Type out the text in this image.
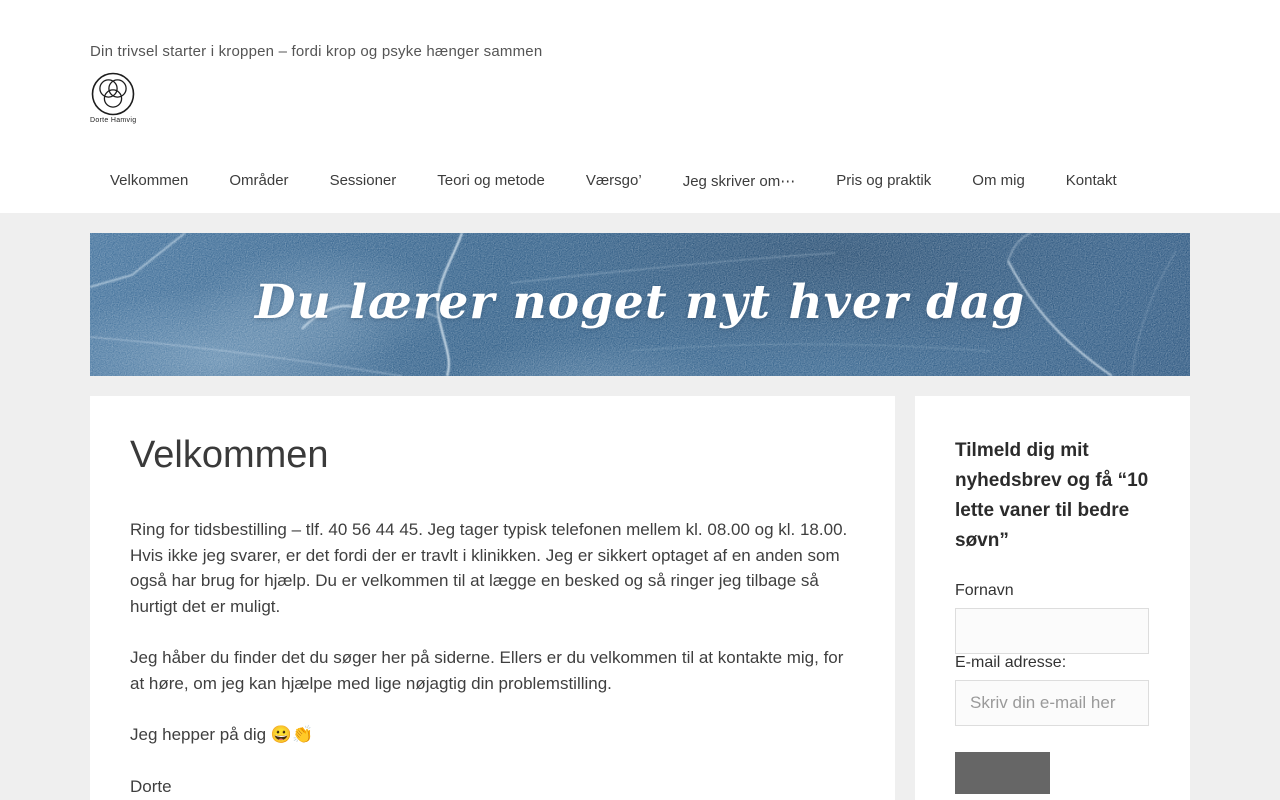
Din trivsel starter i kroppen – fordi krop og psyke hænger sammen

Dorte Hamvig
Velkommen	Områder	Sessioner	Teori og metode	Værsgo’	Jeg skriver om⋯	Pris og praktik	Om mig	Kontakt
Du lærer noget nyt hver dag
Velkommen

Ring for tidsbestilling – tlf. 40 56 44 45. Jeg tager typisk telefonen mellem kl. 08.00 og kl. 18.00. Hvis ikke jeg svarer, er det fordi der er travlt i klinikken. Jeg er sikkert optaget af en anden som også har brug for hjælp. Du er velkommen til at lægge en besked og så ringer jeg tilbage så hurtigt det er muligt.

Jeg håber du finder det du søger her på siderne. Ellers er du velkommen til at kontakte mig, for at høre, om jeg kan hjælpe med lige nøjagtig din problemstilling.

Jeg hepper på dig 😀👏

Dorte

Tilmeld dig mit nyhedsbrev og få “10 lette vaner til bedre søvn”
Fornavn
E-mail adresse:
Skriv din e-mail her
